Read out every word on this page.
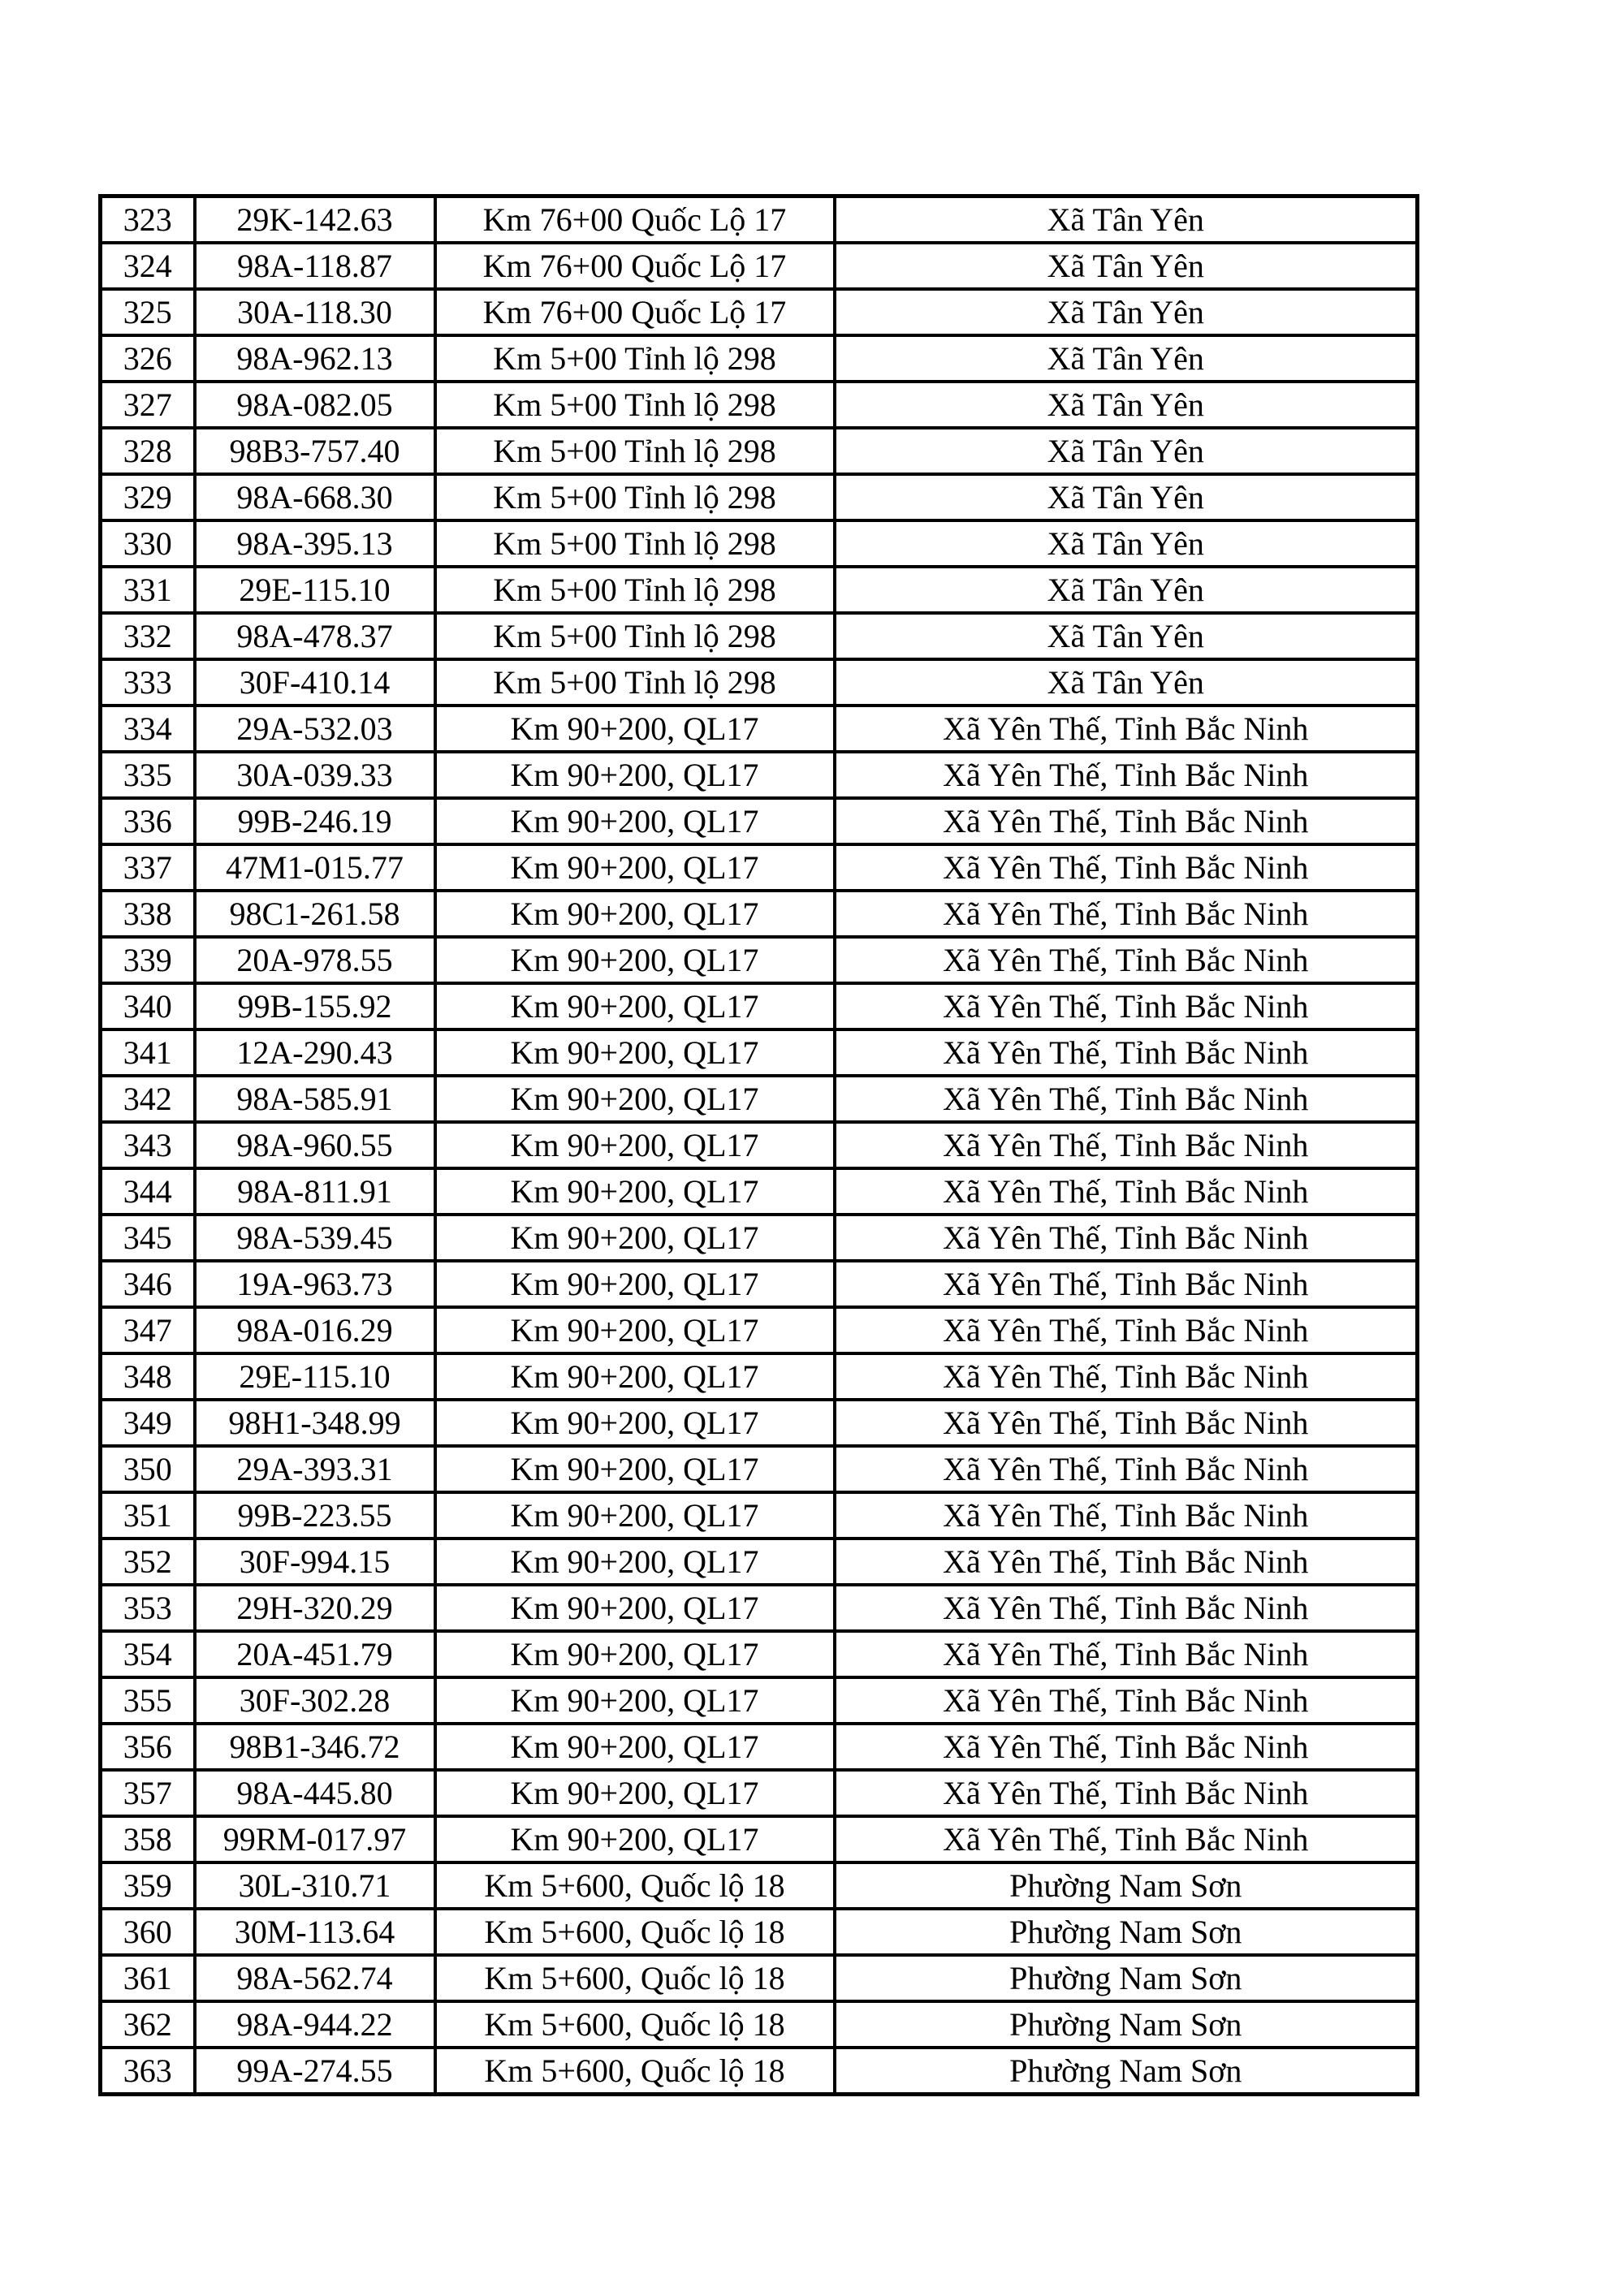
323	29K-142.63	Km 76+00 Quốc Lộ 17	Xã Tân Yên
324	98A-118.87	Km 76+00 Quốc Lộ 17	Xã Tân Yên
325	30A-118.30	Km 76+00 Quốc Lộ 17	Xã Tân Yên
326	98A-962.13	Km 5+00 Tỉnh lộ 298	Xã Tân Yên
327	98A-082.05	Km 5+00 Tỉnh lộ 298	Xã Tân Yên
328	98B3-757.40	Km 5+00 Tỉnh lộ 298	Xã Tân Yên
329	98A-668.30	Km 5+00 Tỉnh lộ 298	Xã Tân Yên
330	98A-395.13	Km 5+00 Tỉnh lộ 298	Xã Tân Yên
331	29E-115.10	Km 5+00 Tỉnh lộ 298	Xã Tân Yên
332	98A-478.37	Km 5+00 Tỉnh lộ 298	Xã Tân Yên
333	30F-410.14	Km 5+00 Tỉnh lộ 298	Xã Tân Yên
334	29A-532.03	Km 90+200, QL17	Xã Yên Thế, Tỉnh Bắc Ninh
335	30A-039.33	Km 90+200, QL17	Xã Yên Thế, Tỉnh Bắc Ninh
336	99B-246.19	Km 90+200, QL17	Xã Yên Thế, Tỉnh Bắc Ninh
337	47M1-015.77	Km 90+200, QL17	Xã Yên Thế, Tỉnh Bắc Ninh
338	98C1-261.58	Km 90+200, QL17	Xã Yên Thế, Tỉnh Bắc Ninh
339	20A-978.55	Km 90+200, QL17	Xã Yên Thế, Tỉnh Bắc Ninh
340	99B-155.92	Km 90+200, QL17	Xã Yên Thế, Tỉnh Bắc Ninh
341	12A-290.43	Km 90+200, QL17	Xã Yên Thế, Tỉnh Bắc Ninh
342	98A-585.91	Km 90+200, QL17	Xã Yên Thế, Tỉnh Bắc Ninh
343	98A-960.55	Km 90+200, QL17	Xã Yên Thế, Tỉnh Bắc Ninh
344	98A-811.91	Km 90+200, QL17	Xã Yên Thế, Tỉnh Bắc Ninh
345	98A-539.45	Km 90+200, QL17	Xã Yên Thế, Tỉnh Bắc Ninh
346	19A-963.73	Km 90+200, QL17	Xã Yên Thế, Tỉnh Bắc Ninh
347	98A-016.29	Km 90+200, QL17	Xã Yên Thế, Tỉnh Bắc Ninh
348	29E-115.10	Km 90+200, QL17	Xã Yên Thế, Tỉnh Bắc Ninh
349	98H1-348.99	Km 90+200, QL17	Xã Yên Thế, Tỉnh Bắc Ninh
350	29A-393.31	Km 90+200, QL17	Xã Yên Thế, Tỉnh Bắc Ninh
351	99B-223.55	Km 90+200, QL17	Xã Yên Thế, Tỉnh Bắc Ninh
352	30F-994.15	Km 90+200, QL17	Xã Yên Thế, Tỉnh Bắc Ninh
353	29H-320.29	Km 90+200, QL17	Xã Yên Thế, Tỉnh Bắc Ninh
354	20A-451.79	Km 90+200, QL17	Xã Yên Thế, Tỉnh Bắc Ninh
355	30F-302.28	Km 90+200, QL17	Xã Yên Thế, Tỉnh Bắc Ninh
356	98B1-346.72	Km 90+200, QL17	Xã Yên Thế, Tỉnh Bắc Ninh
357	98A-445.80	Km 90+200, QL17	Xã Yên Thế, Tỉnh Bắc Ninh
358	99RM-017.97	Km 90+200, QL17	Xã Yên Thế, Tỉnh Bắc Ninh
359	30L-310.71	Km 5+600, Quốc lộ 18	Phường Nam Sơn
360	30M-113.64	Km 5+600, Quốc lộ 18	Phường Nam Sơn
361	98A-562.74	Km 5+600, Quốc lộ 18	Phường Nam Sơn
362	98A-944.22	Km 5+600, Quốc lộ 18	Phường Nam Sơn
363	99A-274.55	Km 5+600, Quốc lộ 18	Phường Nam Sơn
